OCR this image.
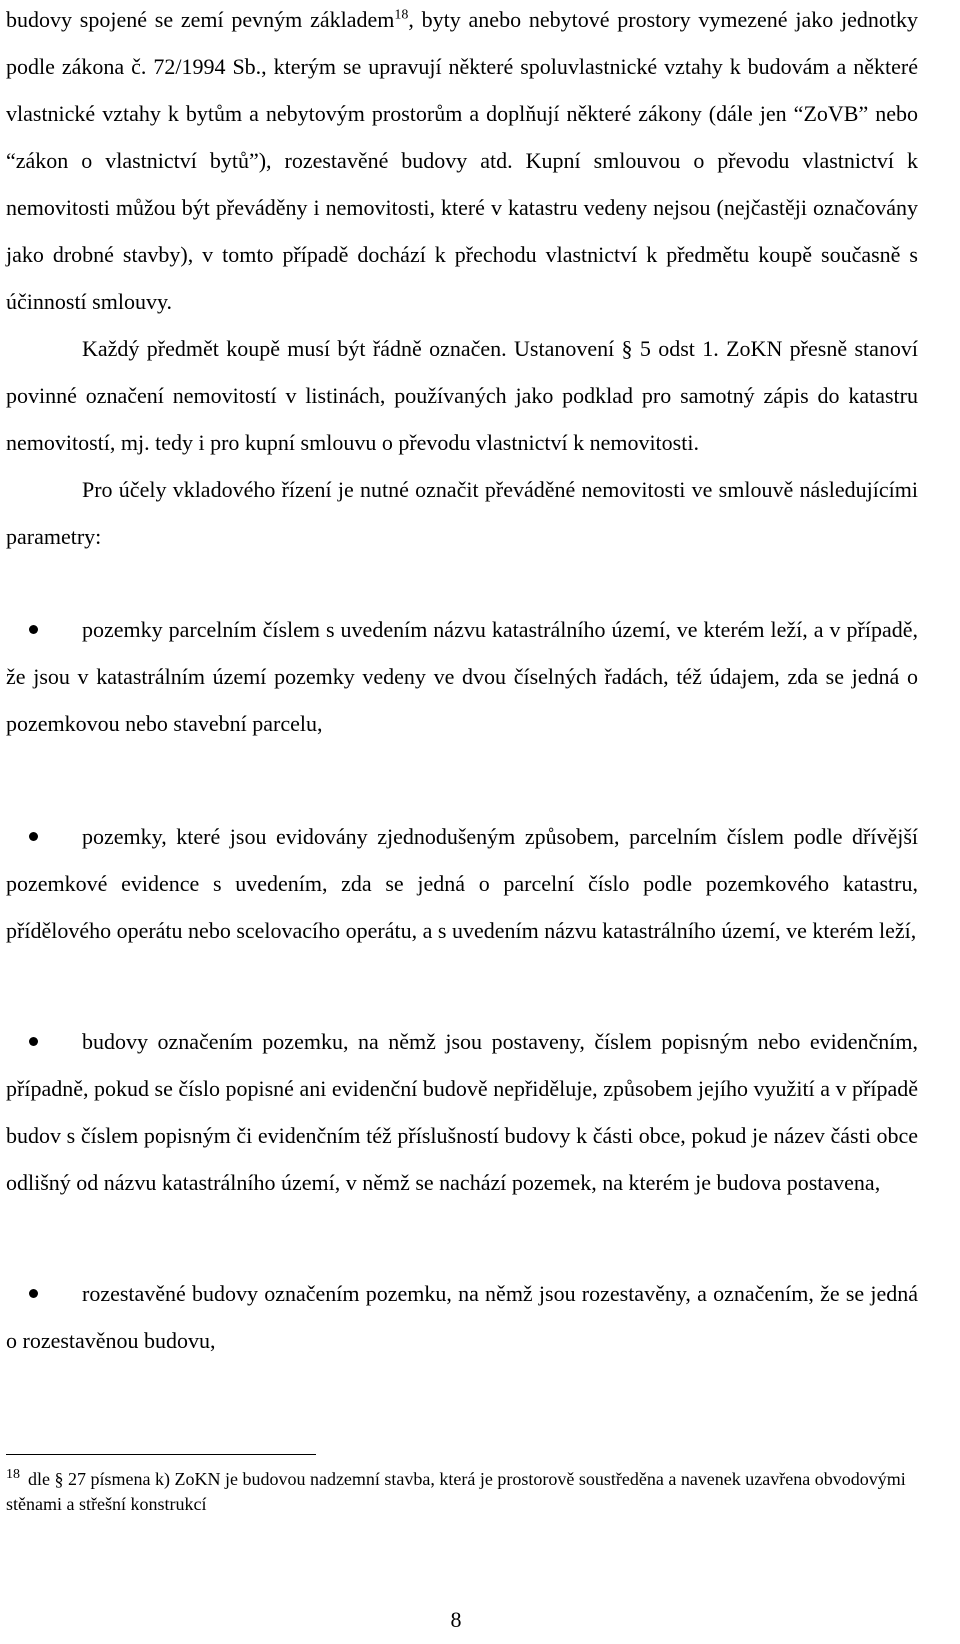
budovy spojené se zemí pevným základem$^{18}$, byty anebo nebytové prostory vymezené jako jednotky podle zákona č. 72/1994 Sb., kterým se upravují některé spoluvlastnické vztahy k budovám a některé vlastnické vztahy k bytům a nebytovým prostorům a doplňují některé zákony (dále jen “ZoVB” nebo “zákon o vlastnictví bytů”), rozestavěné budovy atd. Kupní smlouvou o převodu vlastnictví k nemovitosti můžou být převáděny i nemovitosti, které v katastru vedeny nejsou (nejčastěji označovány jako drobné stavby), v tomto případě dochází k přechodu vlastnictví k předmětu koupě současně s účinností smlouvy.

Každý předmět koupě musí být řádně označen. Ustanovení § 5 odst 1. ZoKN přesně stanoví povinné označení nemovitostí v listinách, používaných jako podklad pro samotný zápis do katastru nemovitostí, mj. tedy i pro kupní smlouvu o převodu vlastnictví k nemovitosti.

Pro účely vkladového řízení je nutné označit převáděné nemovitosti ve smlouvě následujícími parametry:

pozemky parcelním číslem s uvedením názvu katastrálního území, ve kterém leží, a v případě, že jsou v katastrálním území pozemky vedeny ve dvou číselných řadách, též údajem, zda se jedná o pozemkovou nebo stavební parcelu,
pozemky, které jsou evidovány zjednodušeným způsobem, parcelním číslem podle dřívější pozemkové evidence s uvedením, zda se jedná o parcelní číslo podle pozemkového katastru, přídělového operátu nebo scelovacího operátu, a s uvedením názvu katastrálního území, ve kterém leží,
budovy označením pozemku, na němž jsou postaveny, číslem popisným nebo evidenčním, případně, pokud se číslo popisné ani evidenční budově nepřiděluje, způsobem jejího využití a v případě budov s číslem popisným či evidenčním též příslušností budovy k části obce, pokud je název části obce odlišný od názvu katastrálního území, v němž se nachází pozemek, na kterém je budova postavena,
rozestavěné budovy označením pozemku, na němž jsou rozestavěny, a označením, že se jedná o rozestavěnou budovu,

$^{18}$ dle § 27 písmena k) ZoKN je budovou nadzemní stavba, která je prostorově soustředěna a navenek uzavřena obvodovými stěnami a střešní konstrukcí

8
